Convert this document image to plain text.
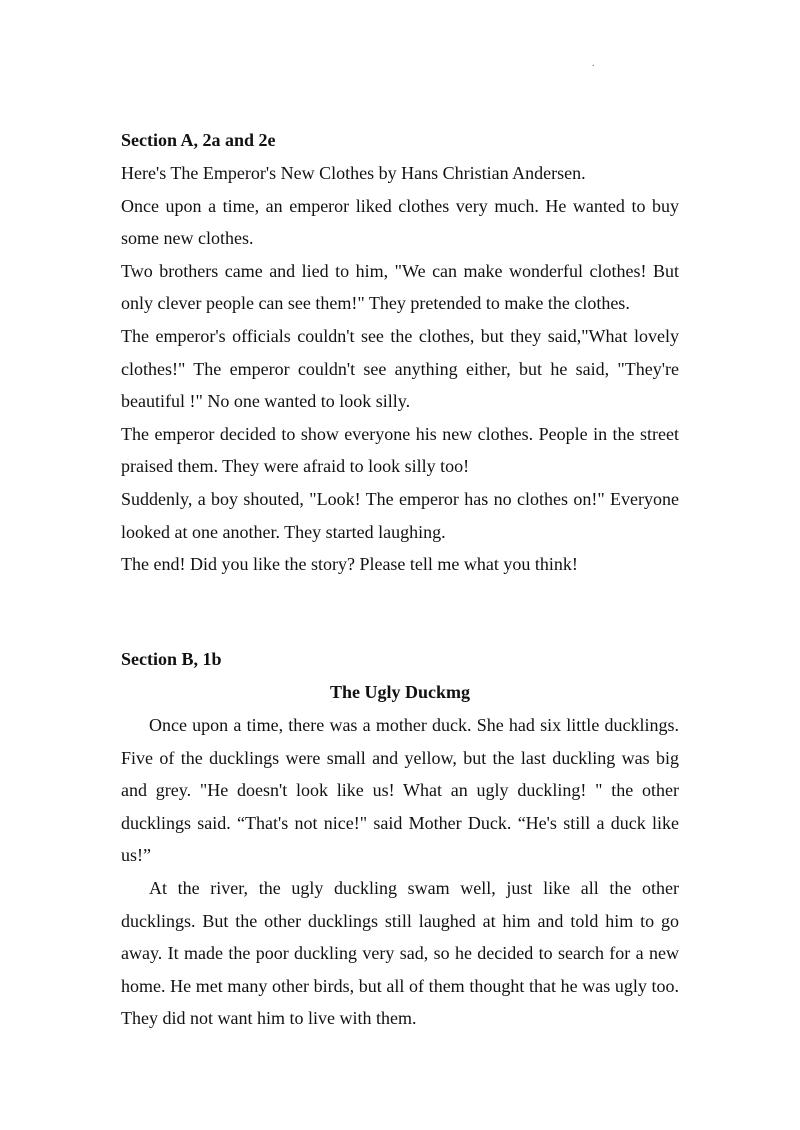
.

Section A, 2a and 2e

Here's The Emperor's New Clothes by Hans Christian Andersen.

Once upon a time, an emperor liked clothes very much. He wanted to buy some new clothes.

Two brothers came and lied to him, "We can make wonderful clothes! But only clever people can see them!" They pretended to make the clothes.

The emperor's officials couldn't see the clothes, but they said,"What lovely clothes!" The emperor couldn't see anything either, but he said, "They're beautiful !" No one wanted to look silly.

The emperor decided to show everyone his new clothes. People in the street praised them. They were afraid to look silly too!

Suddenly, a boy shouted, "Look! The emperor has no clothes on!" Everyone looked at one another. They started laughing.

The end! Did you like the story? Please tell me what you think!

Section B, 1b

The Ugly Duckmg

Once upon a time, there was a mother duck. She had six little ducklings. Five of the ducklings were small and yellow, but the last duckling was big and grey. "He doesn't look like us! What an ugly duckling! " the other ducklings said. “That's not nice!" said Mother Duck. “He's still a duck like us!”

At the river, the ugly duckling swam well, just like all the other ducklings. But the other ducklings still laughed at him and told him to go away. It made the poor duckling very sad, so he decided to search for a new home. He met many other birds, but all of them thought that he was ugly too. They did not want him to live with them.
